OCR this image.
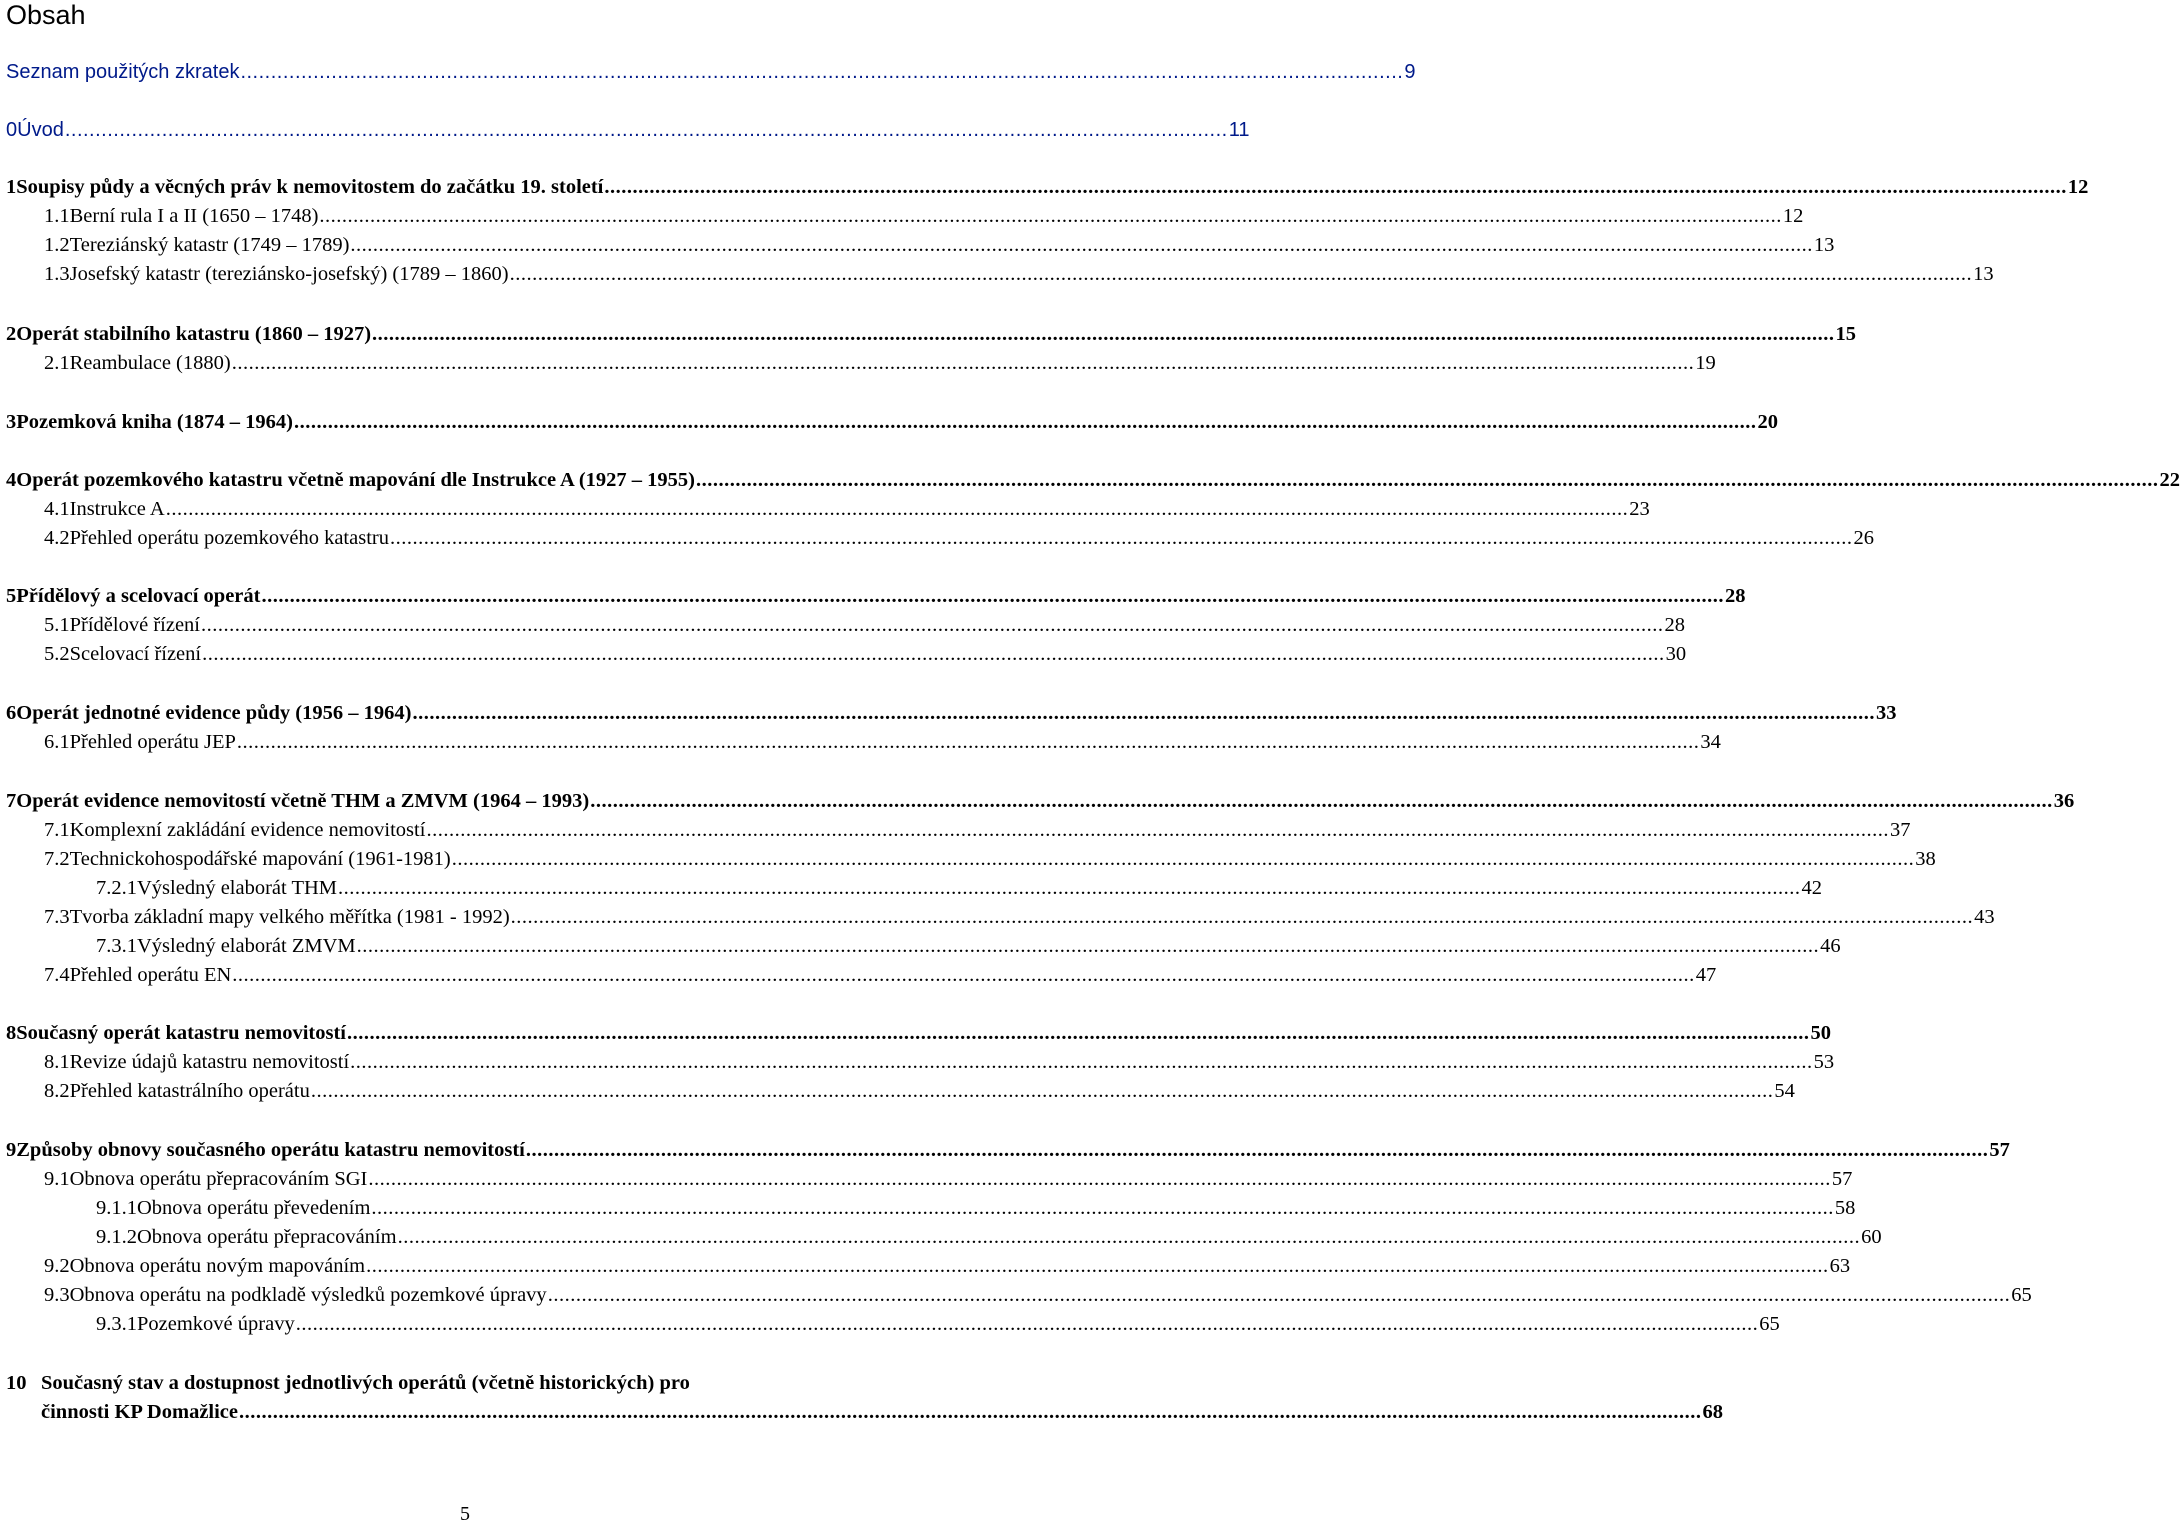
Obsah
Seznam použitých zkratek ................................................................................................................................................................................................ 9
0 Úvod ................................................................................................................................................................................................ 11
1 Soupisy půdy a věcných práv k nemovitostem do začátku 19. století .................................................................................................................................................................................................................................................................... 12
1.1 Berní rula I a II (1650 – 1748) .................................................................................................................................................................................................................................................................... 12
1.2 Tereziánský katastr (1749 – 1789) .................................................................................................................................................................................................................................................................... 13
1.3 Josefský katastr (tereziánsko-josefský) (1789 – 1860) .................................................................................................................................................................................................................................................................... 13
2 Operát stabilního katastru (1860 – 1927) .................................................................................................................................................................................................................................................................... 15
2.1 Reambulace (1880) .................................................................................................................................................................................................................................................................... 19
3 Pozemková kniha (1874 – 1964) .................................................................................................................................................................................................................................................................... 20
4 Operát pozemkového katastru včetně mapování dle Instrukce A (1927 – 1955) .................................................................................................................................................................................................................................................................... 22
4.1 Instrukce A .................................................................................................................................................................................................................................................................... 23
4.2 Přehled operátu pozemkového katastru .................................................................................................................................................................................................................................................................... 26
5 Přídělový a scelovací operát .................................................................................................................................................................................................................................................................... 28
5.1 Přídělové řízení .................................................................................................................................................................................................................................................................... 28
5.2 Scelovací řízení .................................................................................................................................................................................................................................................................... 30
6 Operát jednotné evidence půdy (1956 – 1964) .................................................................................................................................................................................................................................................................... 33
6.1 Přehled operátu JEP .................................................................................................................................................................................................................................................................... 34
7 Operát evidence nemovitostí včetně THM a ZMVM (1964 – 1993) .................................................................................................................................................................................................................................................................... 36
7.1 Komplexní zakládání evidence nemovitostí .................................................................................................................................................................................................................................................................... 37
7.2 Technickohospodářské mapování (1961-1981) .................................................................................................................................................................................................................................................................... 38
7.2.1 Výsledný elaborát THM .................................................................................................................................................................................................................................................................... 42
7.3 Tvorba základní mapy velkého měřítka (1981 - 1992) .................................................................................................................................................................................................................................................................... 43
7.3.1 Výsledný elaborát ZMVM .................................................................................................................................................................................................................................................................... 46
7.4 Přehled operátu EN .................................................................................................................................................................................................................................................................... 47
8 Současný operát katastru nemovitostí .................................................................................................................................................................................................................................................................... 50
8.1 Revize údajů katastru nemovitostí .................................................................................................................................................................................................................................................................... 53
8.2 Přehled katastrálního operátu .................................................................................................................................................................................................................................................................... 54
9 Způsoby obnovy současného operátu katastru nemovitostí .................................................................................................................................................................................................................................................................... 57
9.1 Obnova operátu přepracováním SGI .................................................................................................................................................................................................................................................................... 57
9.1.1 Obnova operátu převedením .................................................................................................................................................................................................................................................................... 58
9.1.2 Obnova operátu přepracováním .................................................................................................................................................................................................................................................................... 60
9.2 Obnova operátu novým mapováním .................................................................................................................................................................................................................................................................... 63
9.3 Obnova operátu na podkladě výsledků pozemkové úpravy .................................................................................................................................................................................................................................................................... 65
9.3.1 Pozemkové úpravy .................................................................................................................................................................................................................................................................... 65
10 Současný stav a dostupnost jednotlivých operátů (včetně historických) pro
činnosti KP Domažlice .................................................................................................................................................................................................................................................................... 68
5
